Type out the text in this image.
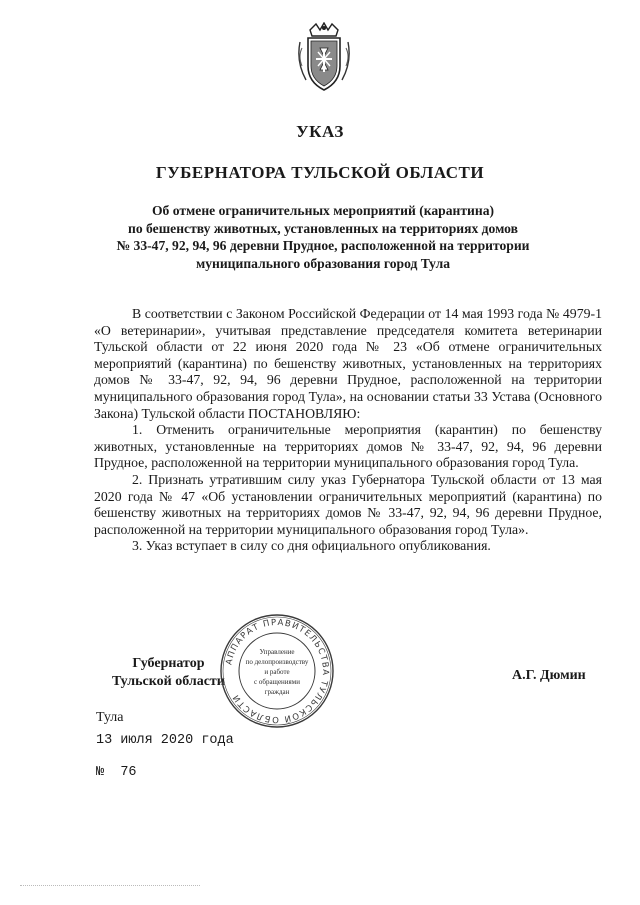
УКАЗ
ГУБЕРНАТОРА ТУЛЬСКОЙ ОБЛАСТИ
Об отмене ограничительных мероприятий (карантина)
по бешенству животных, установленных на территориях домов
№ 33-47, 92, 94, 96 деревни Прудное, расположенной на территории
муниципального образования город Тула

В соответствии с Законом Российской Федерации от 14 мая 1993 года № 4979-1 «О ветеринарии», учитывая представление председателя комитета ветеринарии Тульской области от 22 июня 2020 года № 23 «Об отмене ограничительных мероприятий (карантина) по бешенству животных, установленных на территориях домов № 33-47, 92, 94, 96 деревни Прудное, расположенной на территории муниципального образования город Тула», на основании статьи 33 Устава (Основного Закона) Тульской области ПОСТАНОВЛЯЮ:

1. Отменить ограничительные мероприятия (карантин) по бешенству животных, установленные на территориях домов № 33-47, 92, 94, 96 деревни Прудное, расположенной на территории муниципального образования город Тула.

2. Признать утратившим силу указ Губернатора Тульской области от 13 мая 2020 года № 47 «Об установлении ограничительных мероприятий (карантина) по бешенству животных на территориях домов № 33-47, 92, 94, 96 деревни Прудное, расположенной на территории муниципального образования город Тула».

3. Указ вступает в силу со дня официального опубликования.

Губернатор
Тульской области
АППАРАТ ПРАВИТЕЛЬСТВА ТУЛЬСКОЙ ОБЛАСТИ
Управление
по делопроизводству
и работе
с обращениями
граждан
А.Г. Дюмин
Тула
13 июля 2020 года
№ 76
